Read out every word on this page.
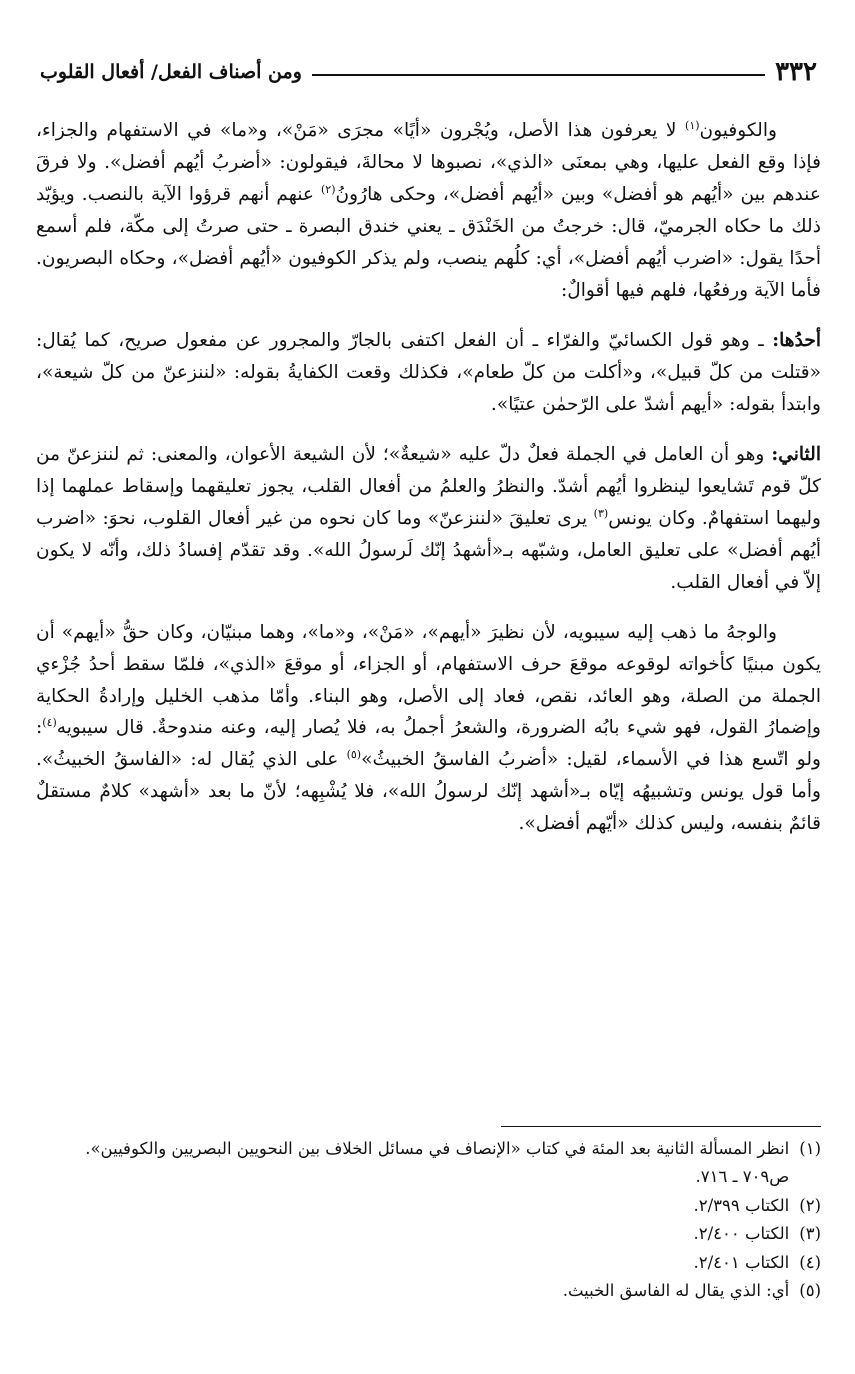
٣٣٢
ومن أصناف الفعل/ أفعال القلوب

والكوفيون$^{(١)}$ لا يعرفون هذا الأصل، ويُجْرون «أيًا» مجرَى «مَنْ»، و«ما» في الاستفهام والجزاء، فإذا وقع الفعل عليها، وهي بمعنَى «الذي»، نصبوها لا محالةَ، فيقولون: «أضربُ أيُهم أفضل». ولا فرقَ عندهم بين «أيُهم هو أفضل» وبين «أيُهم أفضل»، وحكى هارُونُ$^{(٢)}$ عنهم أنهم قرؤوا الآية بالنصب. ويؤيّد ذلك ما حكاه الجرميّ، قال: خرجتُ من الخَنْدَق ـ يعني خندق البصرة ـ حتى صرتُ إلى مكّة، فلم أسمع أحدًا يقول: «اضرب أيُهم أفضل»، أي: كلُهم ينصب، ولم يذكر الكوفيون «أيُهم أفضل»، وحكاه البصريون. فأما الآية ورفعُها، فلهم فيها أقوالٌ:

أحدُها: ـ وهو قول الكسائيّ والفرّاء ـ أن الفعل اكتفى بالجارّ والمجرور عن مفعول صريح، كما يُقال: «قتلت من كلّ قبيل»، و«أكلت من كلّ طعام»، فكذلك وقعت الكفايةُ بقوله: «لننزعنّ من كلّ شيعة»، وابتدأ بقوله: «أيهم أشدّ على الرّحمٰن عتيًا».

الثاني: وهو أن العامل في الجملة فعلٌ دلّ عليه «شيعةٌ»؛ لأن الشيعة الأعوان، والمعنى: ثم لننزعنّ من كلّ قوم تَشايعوا لينظروا أيُهم أشدّ. والنظرُ والعلمُ من أفعال القلب، يجوز تعليقهما وإسقاط عملهما إذا وليهما استفهامٌ. وكان يونس$^{(٣)}$ يرى تعليقَ «لننزعنّ» وما كان نحوه من غير أفعال القلوب، نحوَ: «اضرب أيُهم أفضل» على تعليق العامل، وشبّهه بـ«أشهدُ إنّك لَرسولُ الله». وقد تقدّم إفسادُ ذلك، وأنّه لا يكون إلاّ في أفعال القلب.

والوجهُ ما ذهب إليه سيبويه، لأن نظيرَ «أيهم»، «مَنْ»، و«ما»، وهما مبنيّان، وكان حقُّ «أيهم» أن يكون مبنيًا كأخواته لوقوعه موقعَ حرف الاستفهام، أو الجزاء، أو موقعَ «الذي»، فلمّا سقط أحدُ جُزْءي الجملة من الصلة، وهو العائد، نقص، فعاد إلى الأصل، وهو البناء. وأمّا مذهب الخليل وإرادةُ الحكاية وإضمارُ القول، فهو شيء بابُه الضرورة، والشعرُ أجملُ به، فلا يُصار إليه، وعنه مندوحةٌ. قال سيبويه$^{(٤)}$: ولو اتّسع هذا في الأسماء، لقيل: «أضربُ الفاسقُ الخبيثُ»$^{(٥)}$ على الذي يُقال له: «الفاسقُ الخبيثُ». وأما قول يونس وتشبيهُه إيّاه بـ«أشهد إنّك لرسولُ الله»، فلا يُشْبِهه؛ لأنّ ما بعد «أشهد» كلامٌ مستقلٌ قائمٌ بنفسه، وليس كذلك «أيّهم أفضل».

(١)
انظر المسألة الثانية بعد المئة في كتاب «الإنصاف في مسائل الخلاف بين النحويين البصريين والكوفيين». ص٧٠٩ ـ ٧١٦.
(٢)
الكتاب ٢/٣٩٩.
(٣)
الكتاب ٢/٤٠٠.
(٤)
الكتاب ٢/٤٠١.
(٥)
أي: الذي يقال له الفاسق الخبيث.
